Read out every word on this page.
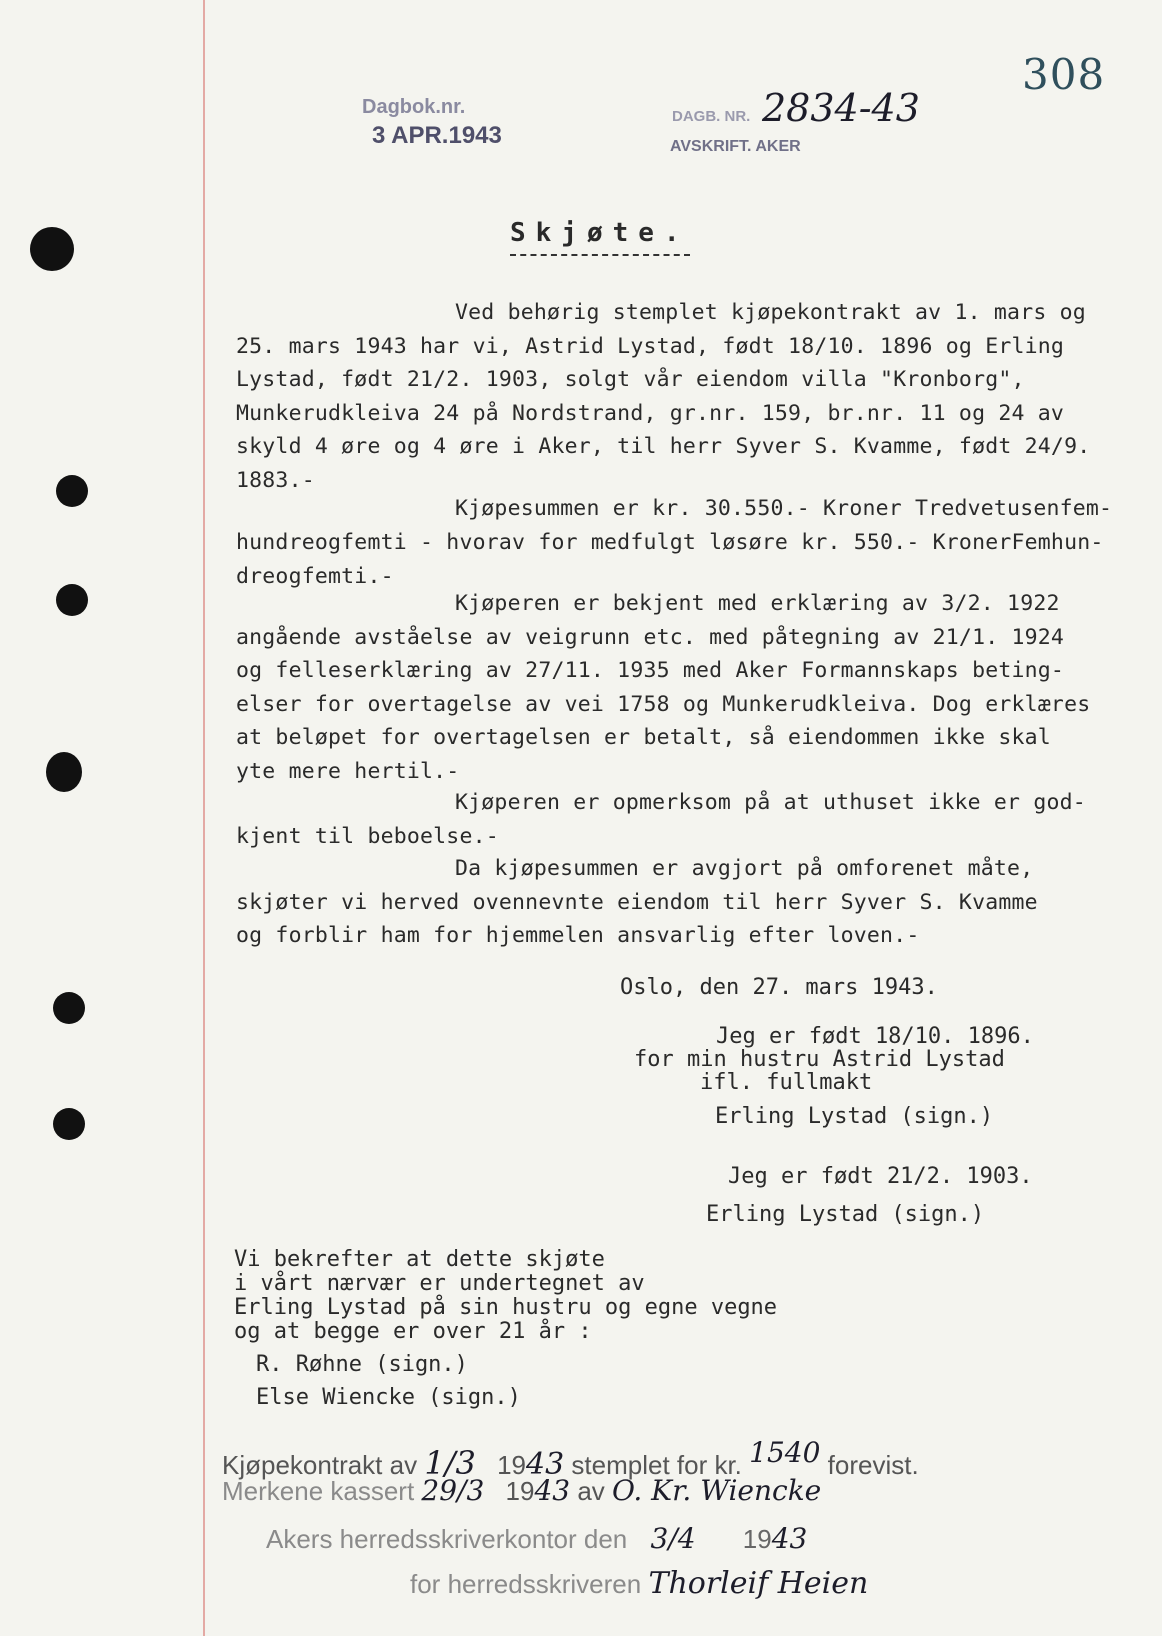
308
Dagbok.nr.
3 APR.1943
DAGB. NR.
AVSKRIFT. AKER
2834-43
Skjøte.
Ved behørig stemplet kjøpekontrakt av 1. mars og
25. mars 1943 har vi, Astrid Lystad, født 18/10. 1896 og Erling
Lystad, født 21/2. 1903, solgt vår eiendom villa "Kronborg",
Munkerudkleiva 24 på Nordstrand, gr.nr. 159, br.nr. 11 og 24 av
skyld 4 øre og 4 øre i Aker, til herr Syver S. Kvamme, født 24/9.
1883.-
Kjøpesummen er kr. 30.550.- Kroner Tredvetusenfem-
hundreogfemti - hvorav for medfulgt løsøre kr. 550.- KronerFemhun-
dreogfemti.-
Kjøperen er bekjent med erklæring av 3/2. 1922
angående avståelse av veigrunn etc. med påtegning av 21/1. 1924
og felleserklæring av 27/11. 1935 med Aker Formannskaps beting-
elser for overtagelse av vei 1758 og Munkerudkleiva. Dog erklæres
at beløpet for overtagelsen er betalt, så eiendommen ikke skal
yte mere hertil.-
Kjøperen er opmerksom på at uthuset ikke er god-
kjent til beboelse.-
Da kjøpesummen er avgjort på omforenet måte,
skjøter vi herved ovennevnte eiendom til herr Syver S. Kvamme
og forblir ham for hjemmelen ansvarlig efter loven.-
Oslo, den 27. mars 1943.
Jeg er født 18/10. 1896.
for min hustru Astrid Lystad
ifl. fullmakt
Erling Lystad (sign.)
Jeg er født 21/2. 1903.
Erling Lystad (sign.)
Vi bekrefter at dette skjøte
i vårt nærvær er undertegnet av
Erling Lystad på sin hustru og egne vegne
og at begge er over 21 år :
R. Røhne (sign.)
Else Wiencke (sign.)
Kjøpekontrakt av 1/3 1943 stemplet for kr. 1540 forevist.
Merkene kassert 29/3 1943 av O. Kr. Wiencke
Akers herredsskriverkontor den 3/4 1943
for herredsskriveren Thorleif Heien
